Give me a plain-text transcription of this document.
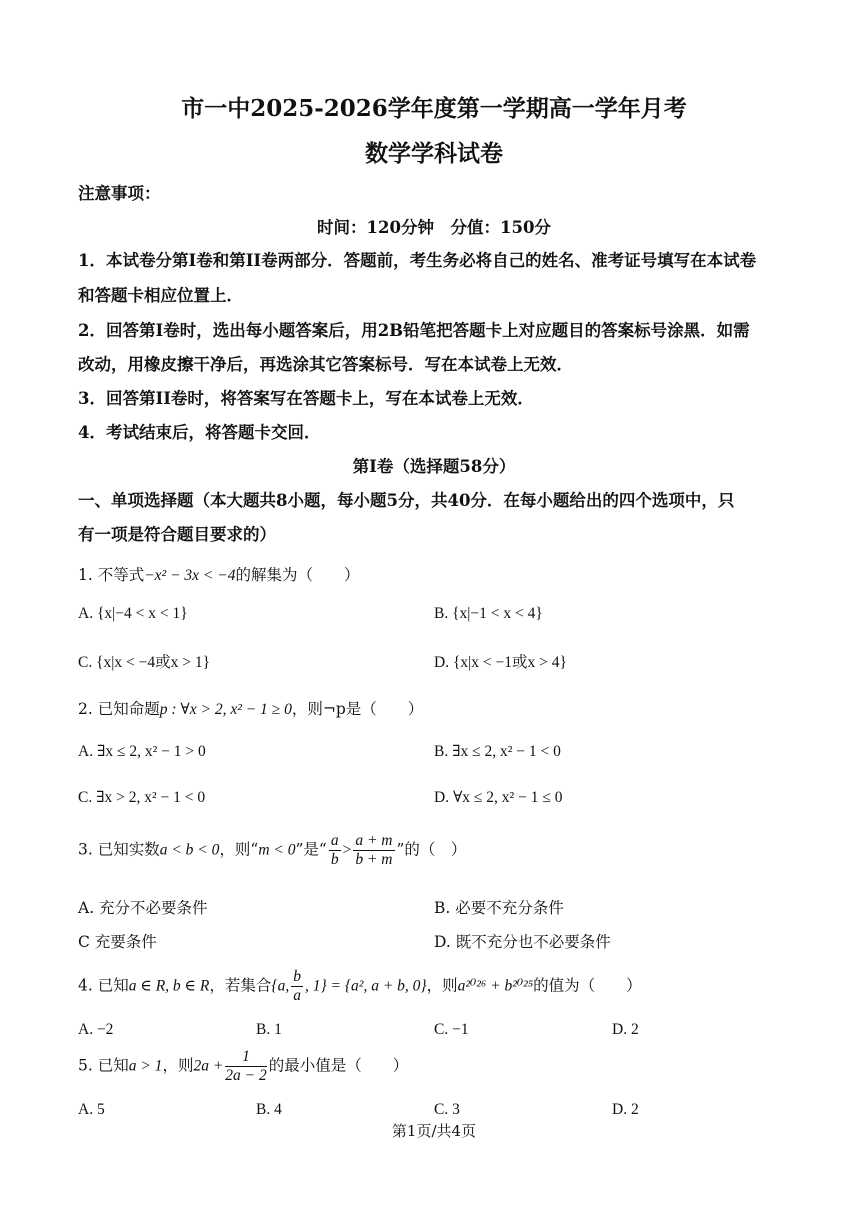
市一中2025-2026学年度第一学期高一学年月考
数学学科试卷
注意事项：
时间：120分钟　分值：150分
1．本试卷分第I卷和第II卷两部分．答题前，考生务必将自己的姓名、准考证号填写在本试卷
和答题卡相应位置上．
2．回答第I卷时，选出每小题答案后，用2B铅笔把答题卡上对应题目的答案标号涂黑．如需
改动，用橡皮擦干净后，再选涂其它答案标号．写在本试卷上无效．
3．回答第II卷时，将答案写在答题卡上，写在本试卷上无效．
4．考试结束后，将答题卡交回．
第I卷（选择题58分）
一、单项选择题（本大题共8小题，每小题5分，共40分．在每小题给出的四个选项中，只
有一项是符合题目要求的）
1. 不等式−x² − 3x < −4的解集为（　　）
A. {x|−4 < x < 1}	B. {x|−1 < x < 4}
C. {x|x < −4或x > 1}	D. {x|x < −1或x > 4}
2. 已知命题p : ∀x > 2, x² − 1 ≥ 0，则¬p是（　　）
A. ∃x ≤ 2, x² − 1 > 0	B. ∃x ≤ 2, x² − 1 < 0
C. ∃x > 2, x² − 1 < 0	D. ∀x ≤ 2, x² − 1 ≤ 0
3. 已知实数a < b < 0，则“m < 0”是“ $\frac{a}{b} > \frac{a + m}{b + m}$ ”的（　）
A. 充分不必要条件	B. 必要不充分条件
C 充要条件	D. 既不充分也不必要条件
4. 已知a ∈ R, b ∈ R，若集合{a, $\frac{b}{a}$ , 1} = {a², a + b, 0}，则a²⁰²⁶ + b²⁰²⁵的值为（　　）
A. −2	B. 1	C. −1	D. 2
5. 已知a > 1，则$2a + \frac{1}{2a - 2}$ 的最小值是（　　）
A. 5	B. 4	C. 3	D. 2
第1页/共4页
